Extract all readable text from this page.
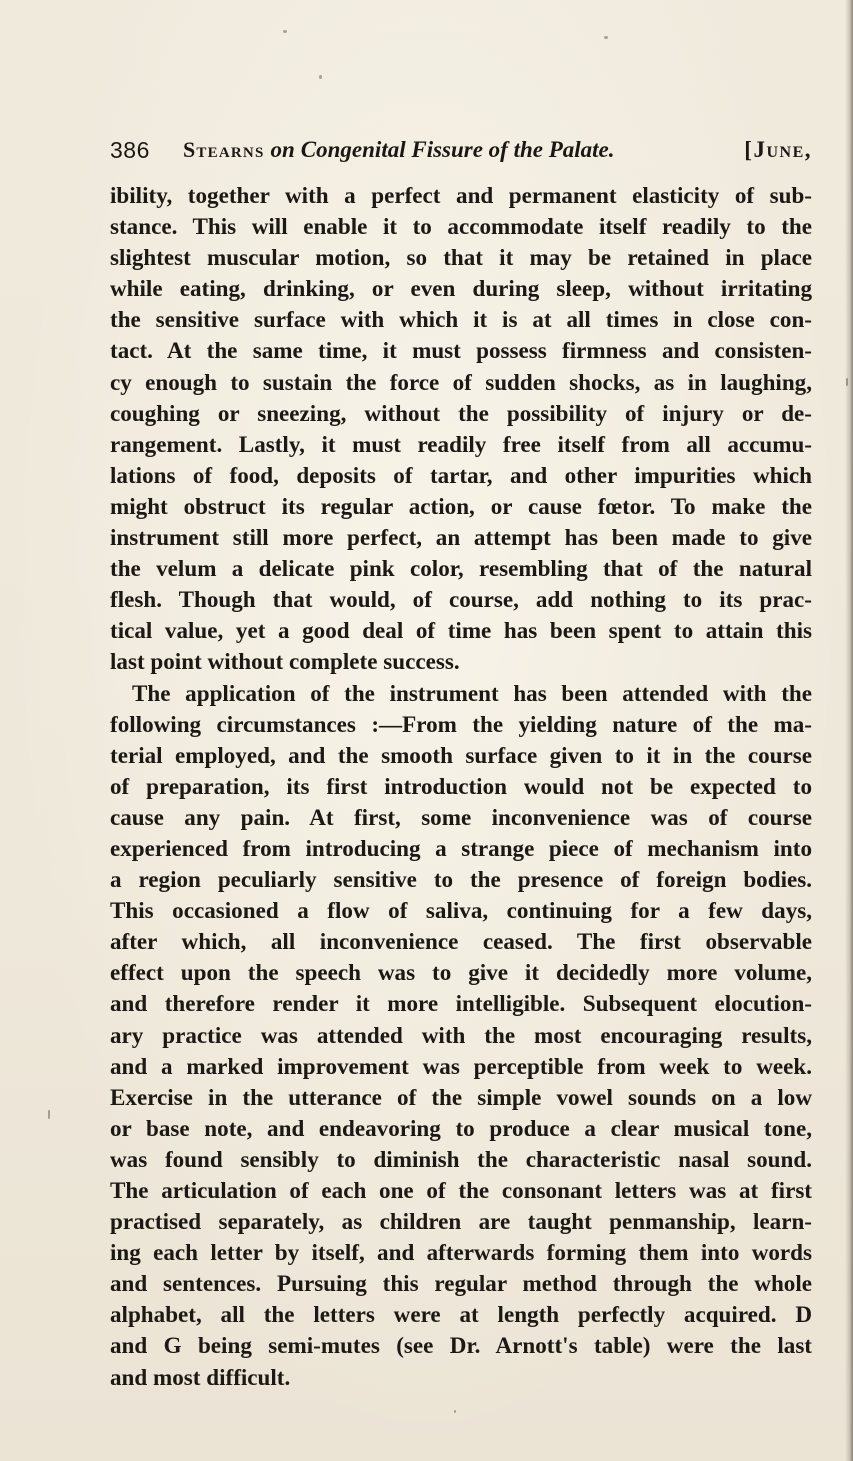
386 Stearns on Congenital Fissure of the Palate.	[June,
ibility, together with a perfect and permanent elasticity of sub-
stance. This will enable it to accommodate itself readily to the
slightest muscular motion, so that it may be retained in place
while eating, drinking, or even during sleep, without irritating
the sensitive surface with which it is at all times in close con-
tact. At the same time, it must possess firmness and consisten-
cy enough to sustain the force of sudden shocks, as in laughing,
coughing or sneezing, without the possibility of injury or de-
rangement. Lastly, it must readily free itself from all accumu-
lations of food, deposits of tartar, and other impurities which
might obstruct its regular action, or cause fœtor. To make the
instrument still more perfect, an attempt has been made to give
the velum a delicate pink color, resembling that of the natural
flesh. Though that would, of course, add nothing to its prac-
tical value, yet a good deal of time has been spent to attain this
last point without complete success.
The application of the instrument has been attended with the
following circumstances :—From the yielding nature of the ma-
terial employed, and the smooth surface given to it in the course
of preparation, its first introduction would not be expected to
cause any pain. At first, some inconvenience was of course
experienced from introducing a strange piece of mechanism into
a region peculiarly sensitive to the presence of foreign bodies.
This occasioned a flow of saliva, continuing for a few days,
after which, all inconvenience ceased. The first observable
effect upon the speech was to give it decidedly more volume,
and therefore render it more intelligible. Subsequent elocution-
ary practice was attended with the most encouraging results,
and a marked improvement was perceptible from week to week.
Exercise in the utterance of the simple vowel sounds on a low
or base note, and endeavoring to produce a clear musical tone,
was found sensibly to diminish the characteristic nasal sound.
The articulation of each one of the consonant letters was at first
practised separately, as children are taught penmanship, learn-
ing each letter by itself, and afterwards forming them into words
and sentences. Pursuing this regular method through the whole
alphabet, all the letters were at length perfectly acquired. D
and G being semi-mutes (see Dr. Arnott's table) were the last
and most difficult.
